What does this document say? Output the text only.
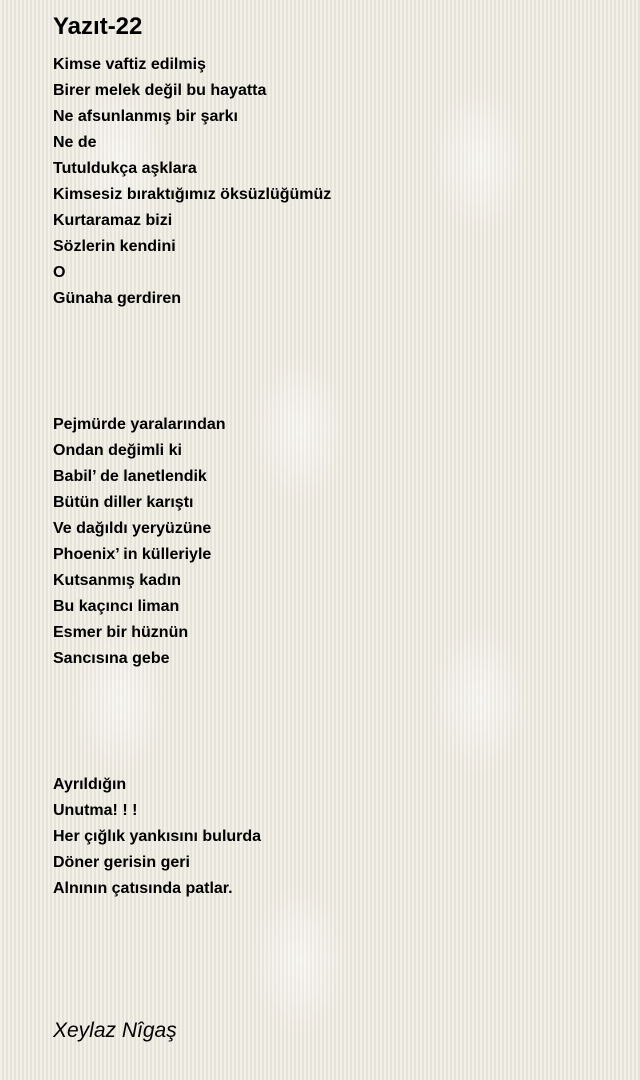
Yazıt-22
Kimse vaftiz edilmiş
Birer melek değil bu hayatta
Ne afsunlanmış bir şarkı
Ne de
Tutuldukça aşklara
Kimsesiz bıraktığımız öksüzlüğümüz
Kurtaramaz bizi
Sözlerin kendini
O
Günaha gerdiren
Pejmürde yaralarından
Ondan değimli ki
Babil’ de lanetlendik
Bütün diller karıştı
Ve dağıldı yeryüzüne
Phoenix’ in külleriyle
Kutsanmış kadın
Bu kaçıncı liman
Esmer bir hüznün
Sancısına gebe
Ayrıldığın
Unutma! ! !
Her çığlık yankısını bulurda
Döner gerisin geri
Alnının çatısında patlar.
Xeylaz Nîgaş
